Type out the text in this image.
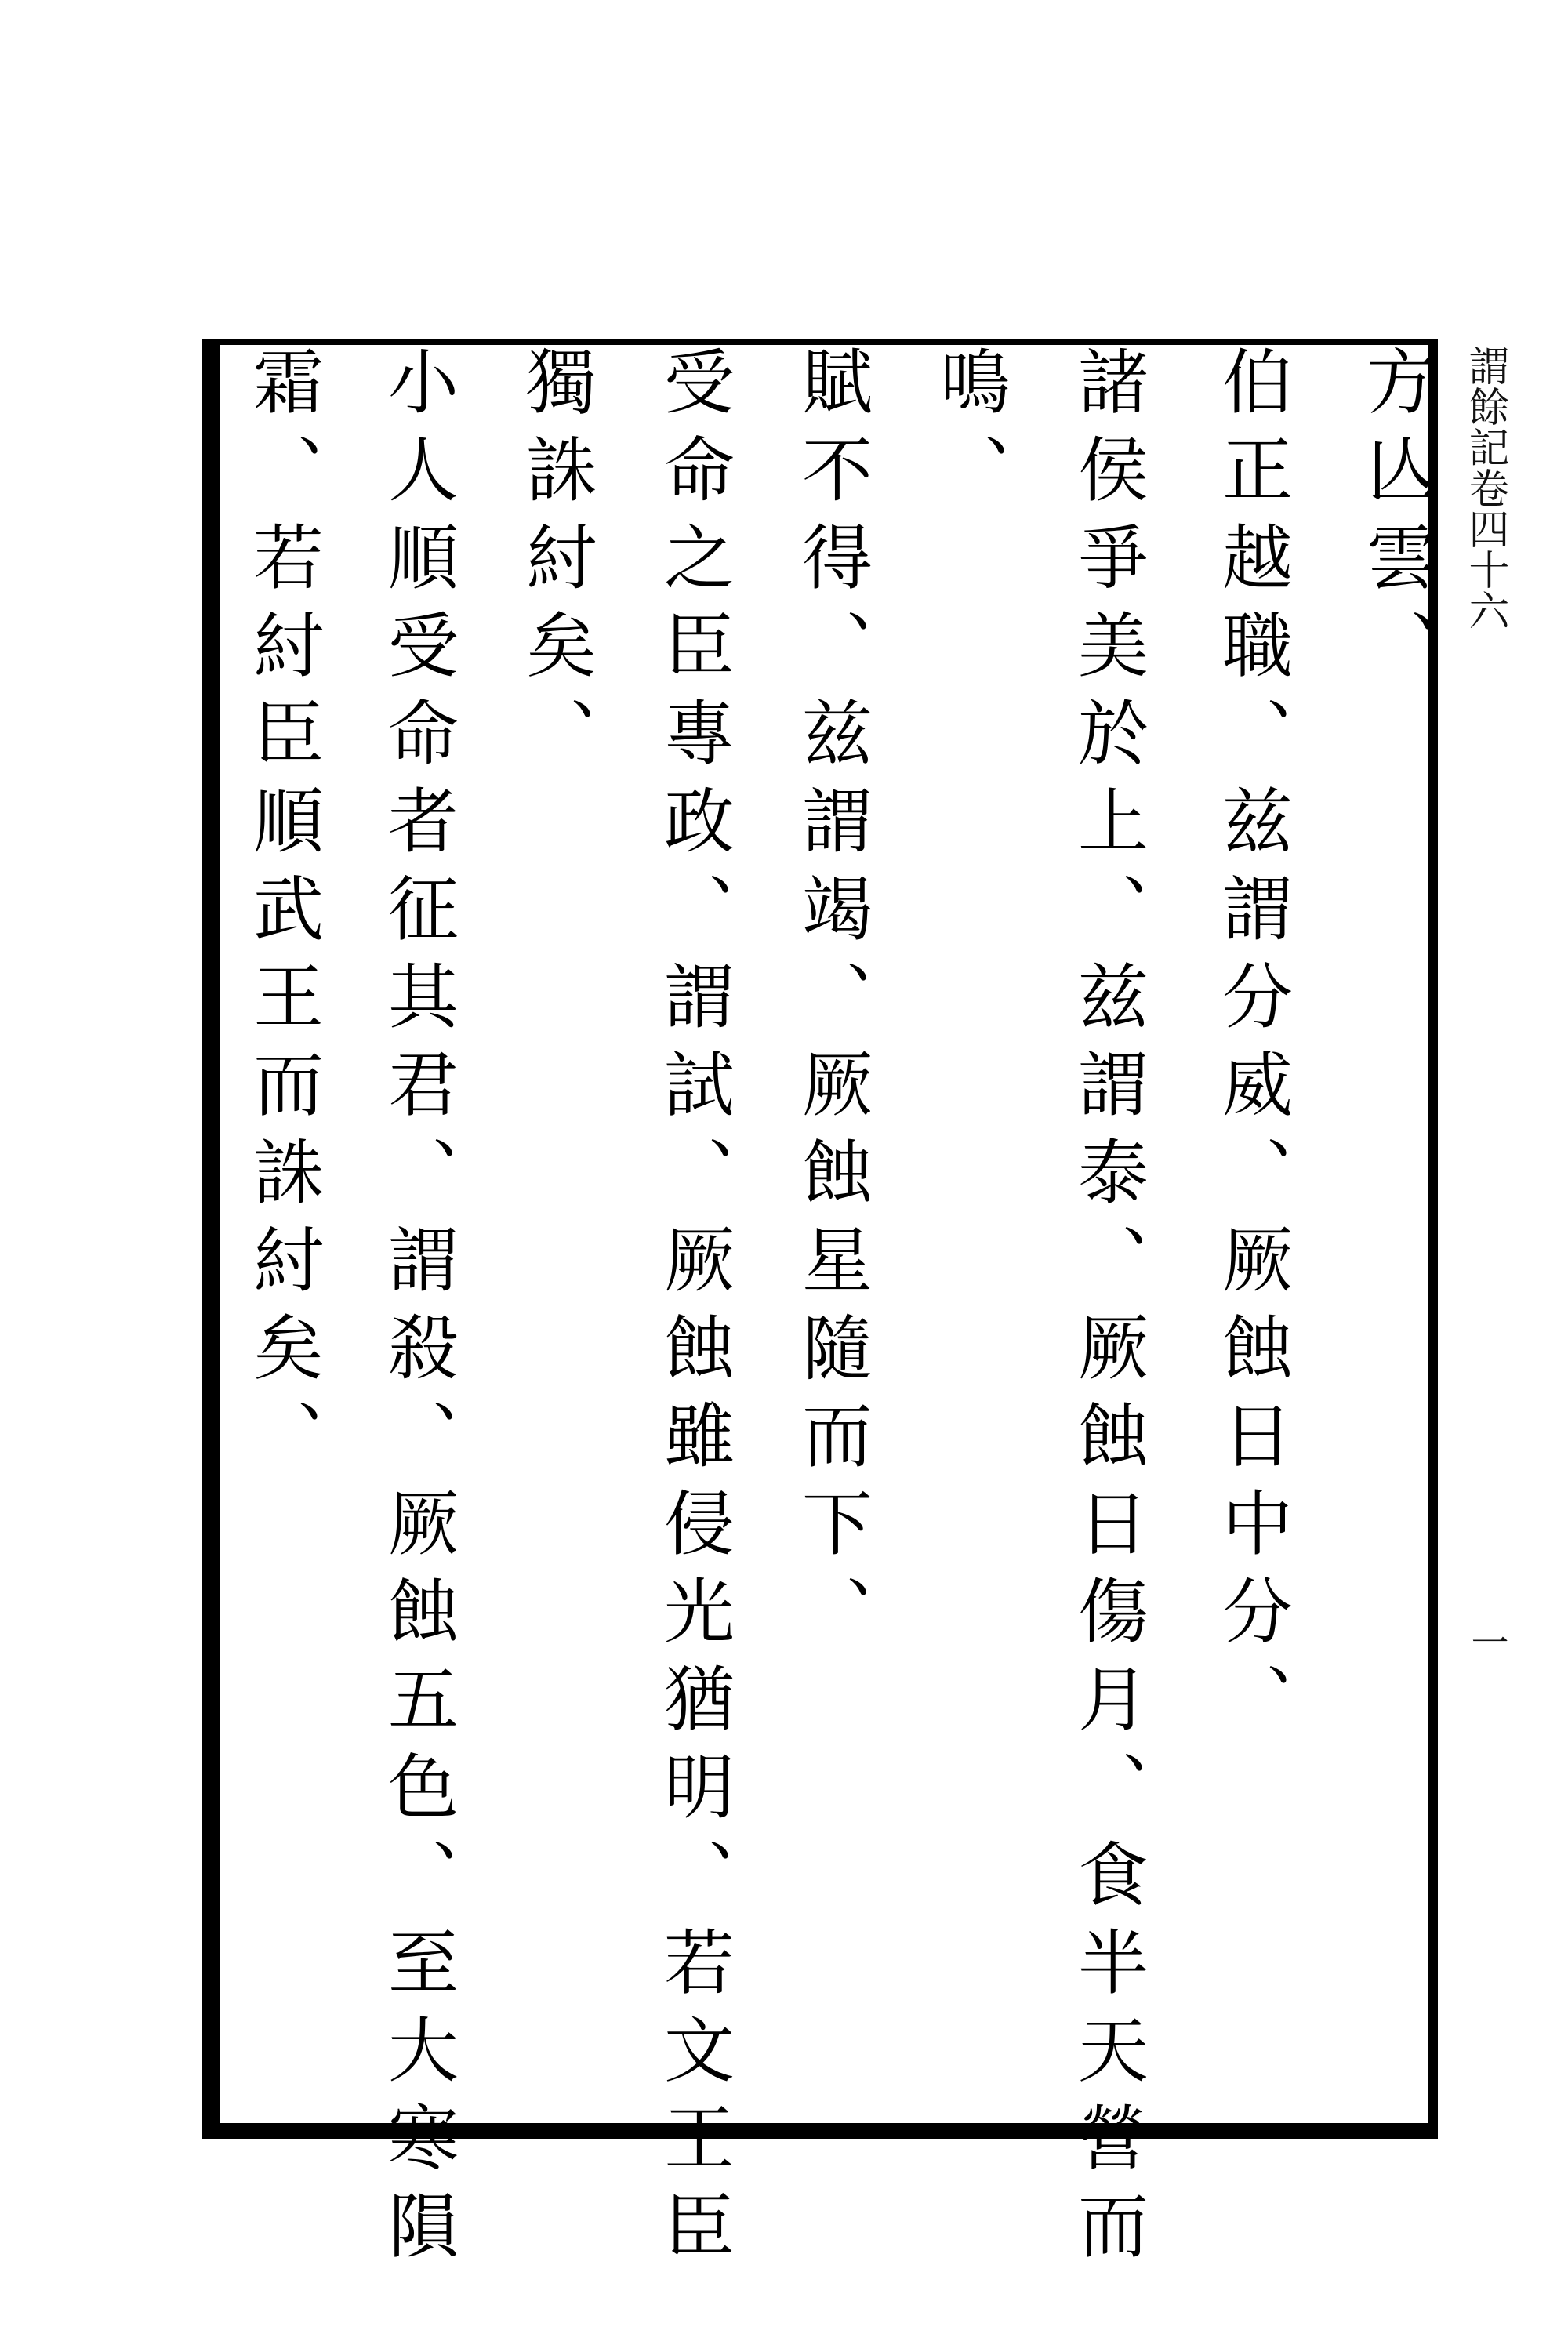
謂餘記卷四十六
一
方亾雲、
伯正越職、兹謂分威、厥蝕日中分、
諸侯爭美於上、兹謂泰、厥蝕日傷月、食半天營而
鳴、
賦不得、兹謂竭、厥蝕星隨而下、
受命之臣專政、謂試、厥蝕雖侵光猶明、若文王臣
獨誅紂矣、
小人順受命者征其君、謂殺、厥蝕五色、至大寒隕
霜、若紂臣順武王而誅紂矣、
